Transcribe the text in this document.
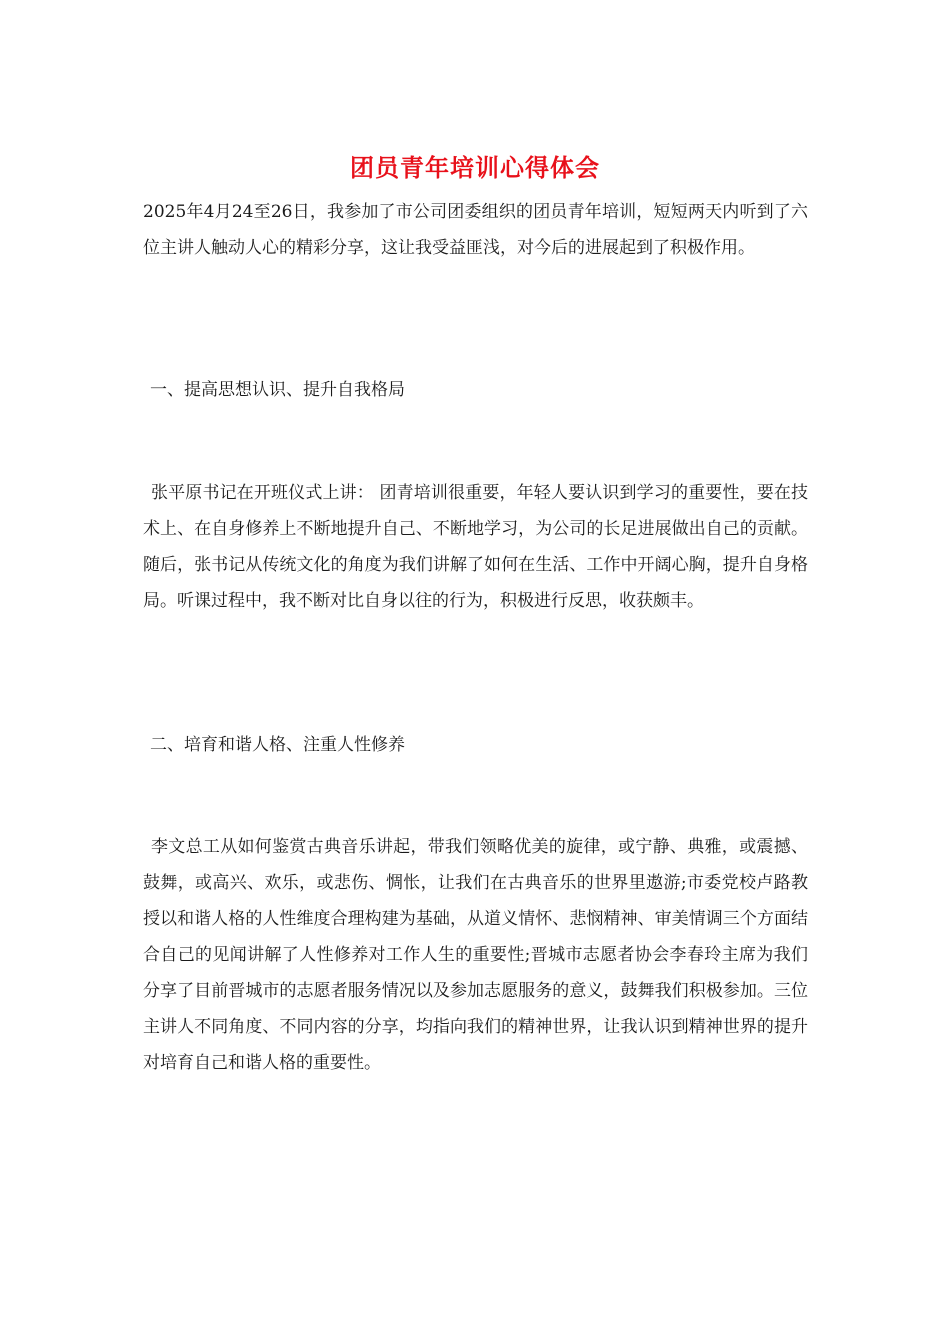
团员青年培训心得体会

2025年4月24至26日，我参加了市公司团委组织的团员青年培训，短短两天内听到了六位主讲人触动人心的精彩分享，这让我受益匪浅，对今后的进展起到了积极作用。

一、提高思想认识、提升自我格局

张平原书记在开班仪式上讲： 团青培训很重要，年轻人要认识到学习的重要性，要在技术上、在自身修养上不断地提升自己、不断地学习，为公司的长足进展做出自己的贡献。 随后，张书记从传统文化的角度为我们讲解了如何在生活、工作中开阔心胸，提升自身格局。听课过程中，我不断对比自身以往的行为，积极进行反思，收获颇丰。

二、培育和谐人格、注重人性修养

李文总工从如何鉴赏古典音乐讲起，带我们领略优美的旋律，或宁静、典雅，或震撼、鼓舞，或高兴、欢乐，或悲伤、惆怅，让我们在古典音乐的世界里遨游;市委党校卢路教授以和谐人格的人性维度合理构建为基础，从道义情怀、悲悯精神、审美情调三个方面结合自己的见闻讲解了人性修养对工作人生的重要性;晋城市志愿者协会李春玲主席为我们分享了目前晋城市的志愿者服务情况以及参加志愿服务的意义，鼓舞我们积极参加。三位主讲人不同角度、不同内容的分享，均指向我们的精神世界，让我认识到精神世界的提升对培育自己和谐人格的重要性。
